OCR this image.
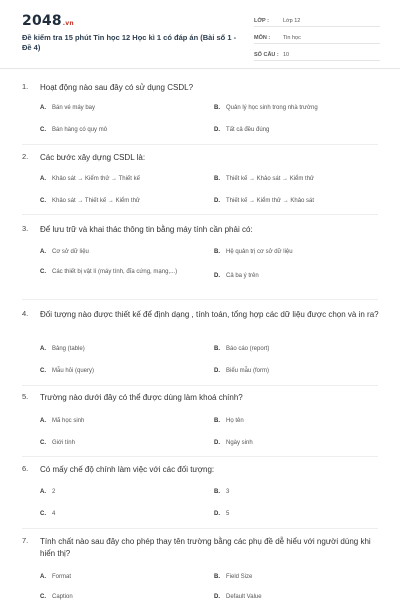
2048.vn
Đề kiểm tra 15 phút Tin học 12 Học kì 1 có đáp án (Bài số 1 - Đề 4)
LỚP :	Lớp 12
MÔN :	Tin học
SỐ CÂU : 10
1. Hoạt động nào sau đây có sử dụng CSDL?
A.	Bán vé máy bay	B.	Quản lý học sinh trong nhà trường
C.	Bán hàng có quy mô	D.	Tất cả đều đúng
2. Các bước xây dựng CSDL là:
A.	Khảo sát → Kiểm thử → Thiết kế	B.	Thiết kế → Khảo sát → Kiểm thử
C.	Khảo sát → Thiết kế → Kiểm thử	D.	Thiết kế → Kiểm thử → Khảo sát
3. Để lưu trữ và khai thác thông tin bằng máy tính cần phải có:
A.	Cơ sở dữ liệu	B.	Hệ quản trị cơ sở dữ liệu
C.	Các thiết bị vật lí (máy tính, đĩa cứng, mạng,...)
D.	Cả ba ý trên
4. Đối tượng nào được thiết kế để định dạng , tính toán, tổng hợp các dữ liệu được chọn và in ra?
A.	Bảng (table)	B.	Báo cáo (report)
C.	Mẫu hỏi (query)	D.	Biểu mẫu (form)
5. Trường nào dưới đây có thể được dùng làm khoá chính?
A.	Mã học sinh	B.	Họ tên
C.	Giới tính	D.	Ngày sinh
6. Có mấy chế độ chính làm việc với các đối tượng:
A.	2	B.	3
C.	4	D.	5
7. Tính chất nào sau đây cho phép thay tên trường bằng các phụ đề dễ hiểu với người dùng khi hiển thị?
A.	Format	B.	Field Size
C.	Caption	D.	Default Value
